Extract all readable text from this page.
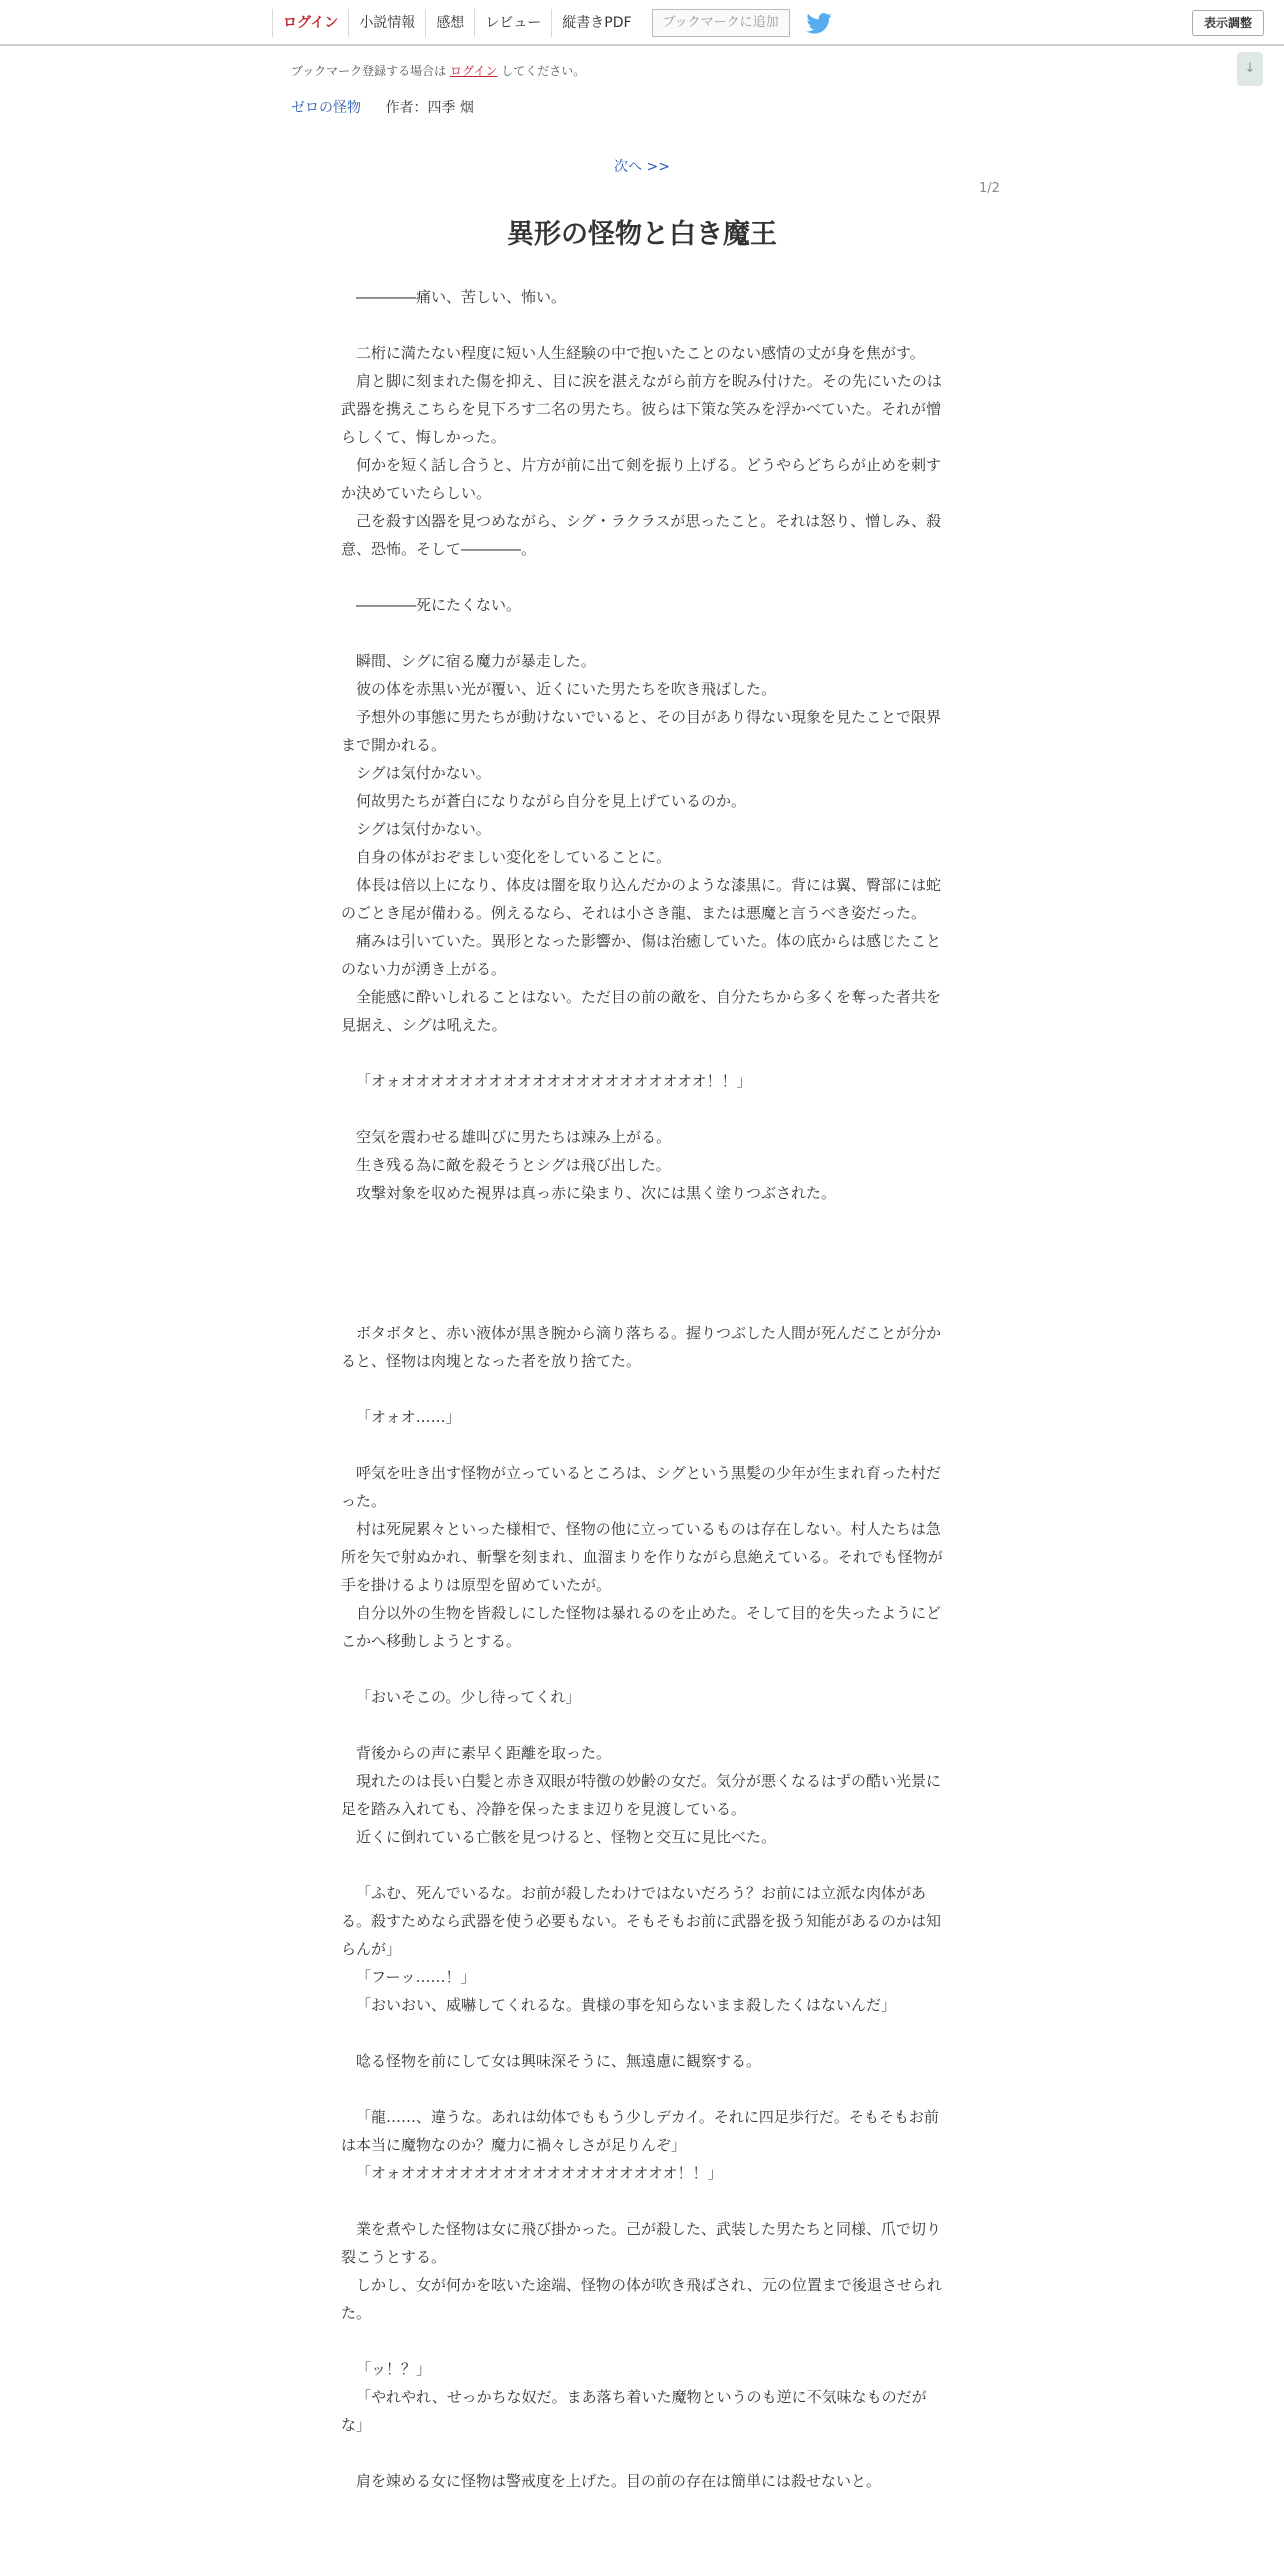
ログイン	小説情報	感想	レビュー	縦書きPDF	ブックマークに追加	表示調整
↓
ブックマーク登録する場合は ログイン してください。
ゼロの怪物 作者：四季 烟
次へ >>
1/2
異形の怪物と白き魔王

――――痛い、苦しい、怖い。

二桁に満たない程度に短い人生経験の中で抱いたことのない感情の丈が身を焦がす。

肩と脚に刻まれた傷を抑え、目に涙を湛えながら前方を睨み付けた。その先にいたのは武器を携えこちらを見下ろす二名の男たち。彼らは下策な笑みを浮かべていた。それが憎らしくて、悔しかった。

何かを短く話し合うと、片方が前に出て剣を振り上げる。どうやらどちらが止めを刺すか決めていたらしい。

己を殺す凶器を見つめながら、シグ・ラクラスが思ったこと。それは怒り、憎しみ、殺意、恐怖。そして――――。

――――死にたくない。

瞬間、シグに宿る魔力が暴走した。

彼の体を赤黒い光が覆い、近くにいた男たちを吹き飛ばした。

予想外の事態に男たちが動けないでいると、その目があり得ない現象を見たことで限界まで開かれる。

シグは気付かない。

何故男たちが蒼白になりながら自分を見上げているのか。

シグは気付かない。

自身の体がおぞましい変化をしていることに。

体長は倍以上になり、体皮は闇を取り込んだかのような漆黒に。背には翼、臀部には蛇のごとき尾が備わる。例えるなら、それは小さき龍、または悪魔と言うべき姿だった。

痛みは引いていた。異形となった影響か、傷は治癒していた。体の底からは感じたことのない力が湧き上がる。

全能感に酔いしれることはない。ただ目の前の敵を、自分たちから多くを奪った者共を見据え、シグは吼えた。

「オォオオオオオオオオオオオオオオオオオオオオオ！！」

空気を震わせる雄叫びに男たちは竦み上がる。

生き残る為に敵を殺そうとシグは飛び出した。

攻撃対象を収めた視界は真っ赤に染まり、次には黒く塗りつぶされた。

ボタボタと、赤い液体が黒き腕から滴り落ちる。握りつぶした人間が死んだことが分かると、怪物は肉塊となった者を放り捨てた。

「オォオ……」

呼気を吐き出す怪物が立っているところは、シグという黒髪の少年が生まれ育った村だった。

村は死屍累々といった様相で、怪物の他に立っているものは存在しない。村人たちは急所を矢で射ぬかれ、斬撃を刻まれ、血溜まりを作りながら息絶えている。それでも怪物が手を掛けるよりは原型を留めていたが。

自分以外の生物を皆殺しにした怪物は暴れるのを止めた。そして目的を失ったようにどこかへ移動しようとする。

「おいそこの。少し待ってくれ」

背後からの声に素早く距離を取った。

現れたのは長い白髪と赤き双眼が特徴の妙齢の女だ。気分が悪くなるはずの酷い光景に足を踏み入れても、冷静を保ったまま辺りを見渡している。

近くに倒れている亡骸を見つけると、怪物と交互に見比べた。

「ふむ、死んでいるな。お前が殺したわけではないだろう？お前には立派な肉体がある。殺すためなら武器を使う必要もない。そもそもお前に武器を扱う知能があるのかは知らんが」

「フーッ……！」

「おいおい、威嚇してくれるな。貴様の事を知らないまま殺したくはないんだ」

唸る怪物を前にして女は興味深そうに、無遠慮に観察する。

「龍……、違うな。あれは幼体でももう少しデカイ。それに四足歩行だ。そもそもお前は本当に魔物なのか？魔力に禍々しさが足りんぞ」

「オォオオオオオオオオオオオオオオオオオオオ！！」

業を煮やした怪物は女に飛び掛かった。己が殺した、武装した男たちと同様、爪で切り裂こうとする。

しかし、女が何かを呟いた途端、怪物の体が吹き飛ばされ、元の位置まで後退させられた。

「ッ！？」

「やれやれ、せっかちな奴だ。まあ落ち着いた魔物というのも逆に不気味なものだがな」

肩を竦める女に怪物は警戒度を上げた。目の前の存在は簡単には殺せないと。
